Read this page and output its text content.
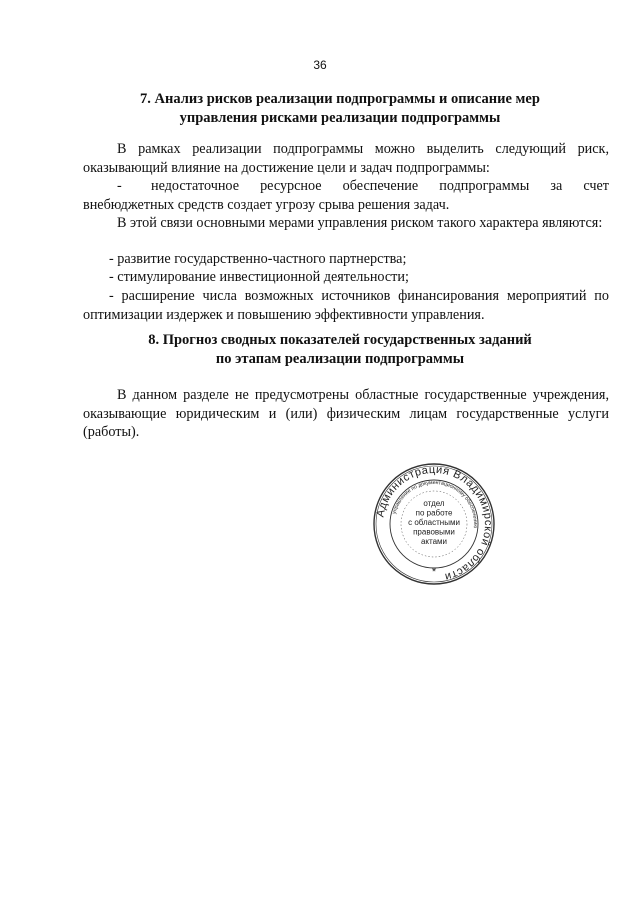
36
7. Анализ рисков реализации подпрограммы и описание мер
управления рисками реализации подпрограммы

В рамках реализации подпрограммы можно выделить следующий риск, оказывающий влияние на достижение цели и задач подпрограммы:

- недостаточное ресурсное обеспечение подпрограммы за счет
внебюджетных средств создает угрозу срыва решения задач.

В этой связи основными мерами управления риском такого характера являются:

- развитие государственно-частного партнерства;

- стимулирование инвестиционной деятельности;

- расширение числа возможных источников финансирования мероприятий по оптимизации издержек и повышению эффективности управления.

8. Прогноз сводных показателей государственных заданий
по этапам реализации подпрограммы

В данном разделе не предусмотрены областные государственные учреждения, оказывающие юридическим и (или) физическим лицам государственные услуги (работы).

Администрация Владимирской области
управление по документационному обеспечению
*
отдел
по работе
с областными
правовыми
актами
